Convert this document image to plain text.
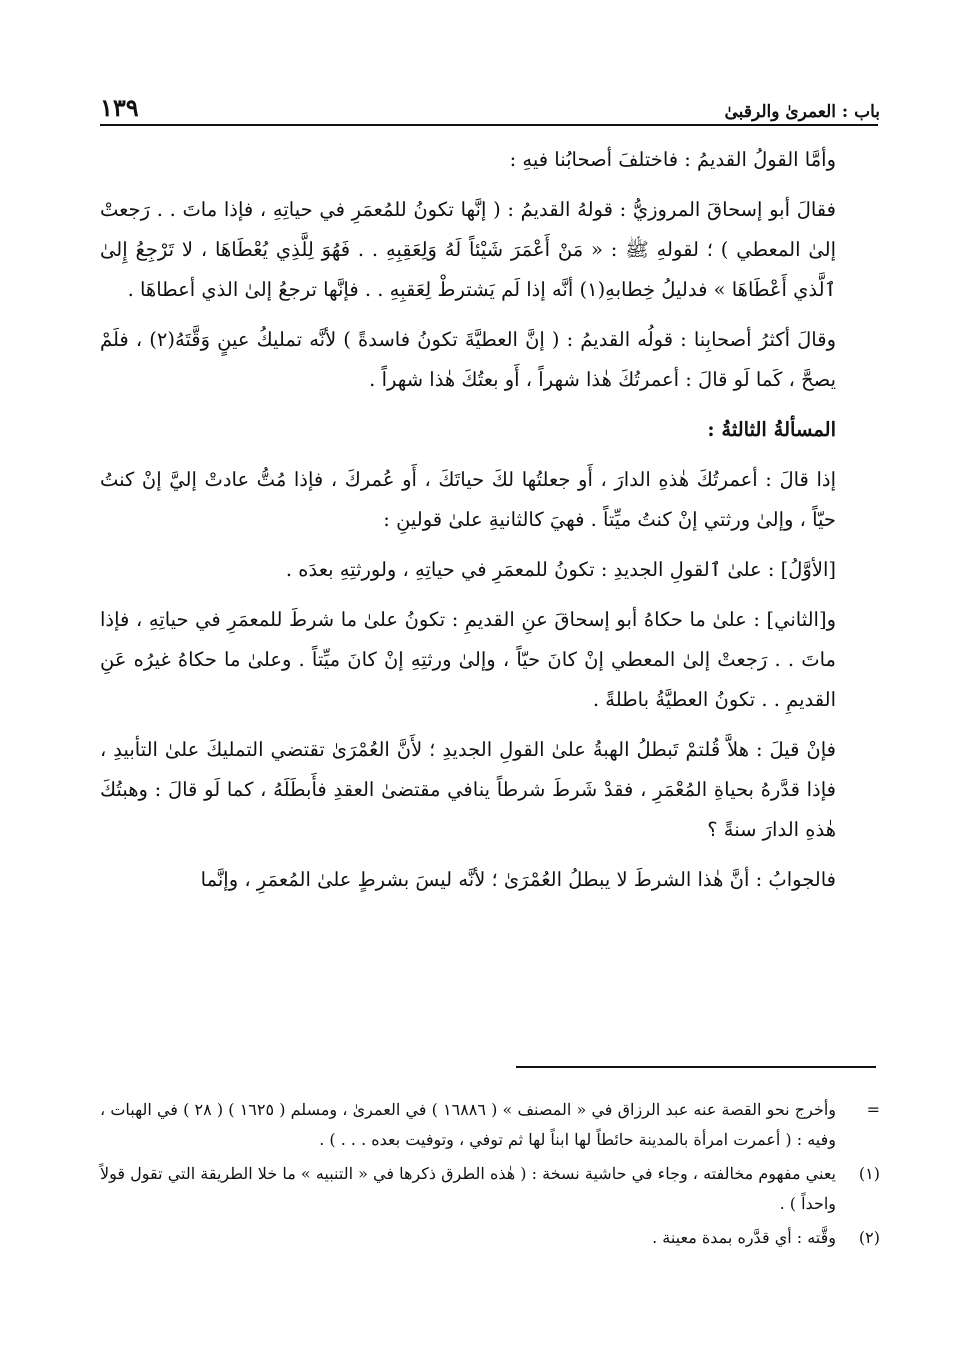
باب : العمرىٰ والرقبىٰ
١٣٩

وأمَّا القولُ القديمُ : فاختلفَ أصحابُنا فيهِ :

فقالَ أبو إسحاقَ المروزيُّ : قولهُ القديمُ : ( إنَّها تكونُ للمُعمَرِ في حياتِهِ ، فإذا ماتَ . . رَجعتْ إلىٰ المعطي ) ؛ لقولهِ ﷺ : « مَنْ أَعْمَرَ شَيْئاً لَهُ وَلِعَقِبِهِ . . فَهُوَ لِلَّذِي يُعْطَاهَا ، لا تَرْجِعُ إِلىٰ ٱلَّذي أَعْطَاهَا » فدليلُ خِطابهِ(١) أنَّه إذا لَم يَشترطْ لِعَقبِهِ . . فإنَّها ترجعُ إلىٰ الذي أعطاهَا .

وقالَ أكثرُ أصحابِنا : قولُه القديمُ : ( إنَّ العطيَّةَ تكونُ فاسدةً ) لأنَّه تمليكُ عينٍ وَقَّتَهُ(٢) ، فلَمْ يصحَّ ، كَما لَو قالَ : أعمرتُكَ هٰذا شهراً ، أَو بعتُكَ هٰذا شهراً .

المسألةُ الثالثةُ :

إذا قالَ : أعمرتُكَ هٰذهِ الدارَ ، أَو جعلتُها لكَ حياتَكَ ، أَو عُمركَ ، فإذا مُتُّ عادتْ إليَّ إنْ كنتُ حيّاً ، وإلىٰ ورثتي إنْ كنتُ ميِّتاً . فهيَ كالثانيةِ علىٰ قولينِ :

[الأوَّلُ] : علىٰ ٱلقولِ الجديدِ : تكونُ للمعمَرِ في حياتِهِ ، ولورثتِهِ بعدَه .

و[الثاني] : علىٰ ما حكاهُ أبو إسحاقَ عنِ القديمِ : تكونُ علىٰ ما شرطَ للمعمَرِ في حياتِهِ ، فإذا ماتَ . . رَجعتْ إلىٰ المعطي إنْ كانَ حيّاً ، وإلىٰ ورثتِهِ إنْ كانَ ميِّتاً . وعلىٰ ما حكاهُ غيرُه عَنِ القديمِ . . تكونُ العطيَّةُ باطلةً .

فإنْ قيلَ : هلاَّ قُلتمْ تَبطلُ الهبةُ علىٰ القولِ الجديدِ ؛ لأَنَّ العُمْرَىٰ تقتضي التمليكَ علىٰ التأبيدِ ، فإذا قدَّرهُ بحياةِ المُعْمَرِ ، فقدْ شَرطَ شرطاً ينافي مقتضىٰ العقدِ فأَبطَلَهُ ، كما لَو قالَ : وهبتُكَ هٰذهِ الدارَ سنةً ؟

فالجوابُ : أنَّ هٰذا الشرطَ لا يبطلُ العُمْرَىٰ ؛ لأنَّه ليسَ بشرطٍ علىٰ المُعمَرِ ، وإنَّما

=
وأخرج نحو القصة عنه عبد الرزاق في « المصنف » ( ١٦٨٨٦ ) في العمرىٰ ، ومسلم ( ١٦٢٥ ) ( ٢٨ ) في الهبات ، وفيه : ( أعمرت امرأة بالمدينة حائطاً لها ابناً لها ثم توفي ، وتوفيت بعده . . . ) .
(١)
يعني مفهوم مخالفته ، وجاء في حاشية نسخة : ( هٰذه الطرق ذكرها في « التنبيه » ما خلا الطريقة التي تقول قولاً واحداً ) .
(٢)
وقَّته : أي قدَّره بمدة معينة .
